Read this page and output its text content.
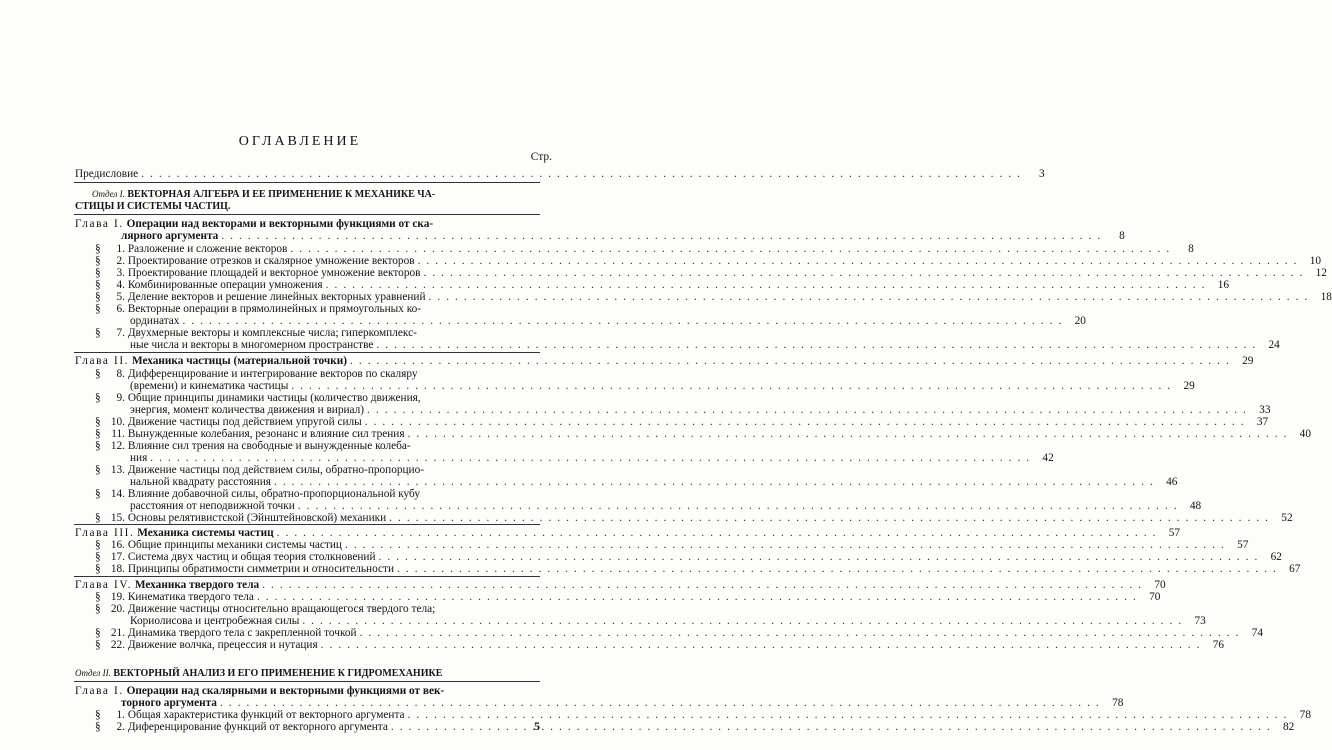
ОГЛАВЛЕНИЕ
Стр.
Предисловие . . .	3
Отдел I. ВЕКТОРНАЯ АЛГЕБРА И ЕЕ ПРИМЕНЕНИЕ К МЕХАНИКЕ ЧА-
СТИЦЫ И СИСТЕМЫ ЧАСТИЦ.
Глава I. Операции над векторами и векторными функциями от ска-
лярного аргумента . . .	8
§ 1. Разложение и сложение векторов . . .	8
§ 2. Проектирование отрезков и скалярное умножение векторов . . .	10
§ 3. Проектирование площадей и векторное умножение векторов . . .	12
§ 4. Комбинированные операции умножения . . .	16
§ 5. Деление векторов и решение линейных векторных уравнений . . .	18
§ 6. Векторные операции в прямолинейных и прямоугольных ко-
ординатах . . .	20
§ 7. Двухмерные векторы и комплексные числа; гиперкомплекс-
ные числа и векторы в многомерном пространстве . . .	24
Глава II. Механика частицы (материальной точки) . . .	29
§ 8. Дифференцирование и интегрирование векторов по скаляру
(времени) и кинематика частицы . . .	29
§ 9. Общие принципы динамики частицы (количество движения,
энергия, момент количества движения и вириал) . . .	33
§ 10. Движение частицы под действием упругой силы . . .	37
§ 11. Вынужденные колебания, резонанс и влияние сил трения . . .	40
§ 12. Влияние сил трения на свободные и вынужденные колеба-
ния . . .	42
§ 13. Движение частицы под действием силы, обратно-пропорцио-
нальной квадрату расстояния . . .	46
§ 14. Влияние добавочной силы, обратно-пропорциональной кубу
расстояния от неподвижной точки . . .	48
§ 15. Основы релятивистской (Эйнштейновской) механики . . .	52
Глава III. Механика системы частиц . . .	57
§ 16. Общие принципы механики системы частиц . . .	57
§ 17. Система двух частиц и общая теория столкновений . . .	62
§ 18. Принципы обратимости симметрии и относительности . . .	67
Глава IV. Механика твердого тела . . .	70
§ 19. Кинематика твердого тела . . .	70
§ 20. Движение частицы относительно вращающегося твердого тела;
Кориолисова и центробежная силы . . .	73
§ 21. Динамика твердого тела с закрепленной точкой . . .	74
§ 22. Движение волчка, прецессия и нутация . . .	76
Отдел II. ВЕКТОРНЫЙ АНАЛИЗ И ЕГО ПРИМЕНЕНИЕ К ГИДРОМЕХАНИКЕ
Глава I. Операции над скалярными и векторными функциями от век-
торного аргумента . . .	78
§ 1. Общая характеристика функций от векторного аргумента . . .	78
§ 2. Диференцирование функций от векторного аргумента . . .	82
5
